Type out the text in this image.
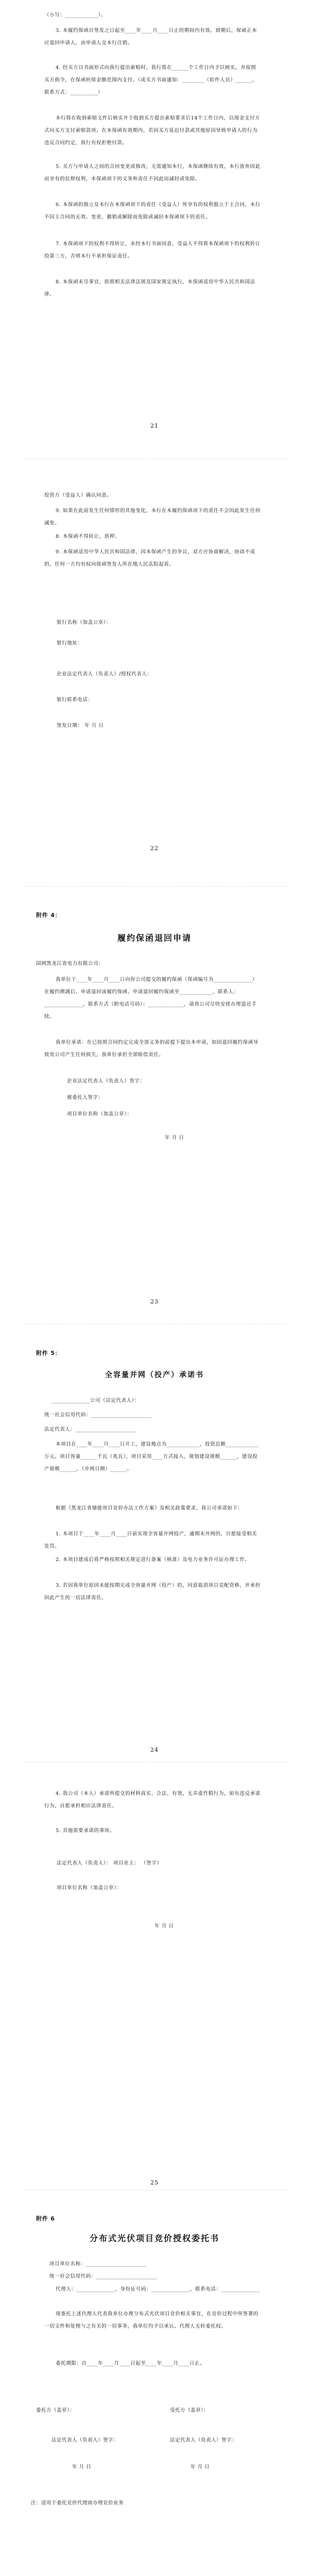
（小写：____________）。

3. 本履约保函自签发之日起至____年____月____日止的期间内有效。到期后，保函正本应退回申请人，由申请人交本行注销。

4. 经买方以书面形式向我行提出索赔时，我行将在______个工作日内予以核实，并按照买方指令，在保函担保金额范围内支付。（或买方书面通知：________（软件人员）______，联系方式：__________）

本行将在收到索赔文件后核实并于收到买方提出索赔要求后14个工作日内，以现金支付方式向买方支付索赔款项。在本保函有效期内，若因买方延迟付款或其他原因导致申请人的行为违反合同约定，我行有权拒绝付款。

5. 买方与申请人之间的合同变更或修改，无需通知本行，本保函继续有效，本行放弃因此而享有的抗辩权利，本保函项下的义务和责任不因此而减轻或免除。

6. 本保函的独立及本行在本保函项下的责任（受益人）所享有的权利独立于主合同，本行不因主合同的无效、变更、撤销或解除而免除或减轻本保函项下的责任。

7. 本保函项下的权利不得转让，未经本行书面同意，受益人不得将本保函项下的权利转让给第三方，否则本行不承担保证责任。

8. 本保函未尽事宜，依照相关法律法规及国家规定执行，本保函适用中华人民共和国法律。

21

投资方（受益人）确认同意。

9. 如果在此前发生任何情形的其他变化，本行在本履约保函项下的责任不会因此发生任何减免。

8. 本保函不得转让、质押。

9. 本保函适用中华人民共和国法律，因本保函产生的争议，双方应协商解决，协商不成的，任何一方均有权向保函签发人所在地人民法院起诉。

银行名称（加盖公章）：
银行地址：
企业法定代表人（负责人）/授权代表人：
银行联系电话：
签发日期： 年 月 日
22
附件 4：
履约保函退回申请
国网黑龙江省电力有限公司：

我单位于____年____月____日向你公司提交的履约保函（保函编号为______________）在履约期满后，申请退回该履约保函。申请退回履约保函至____________，联系人：______________，联系方式（附电话号码）：_____________，请贵公司尽快安排办理退还手续。

我单位承诺：在已按照合同约定完成全部义务的前提下提出本申请，如因退回履约保函导致贵公司产生任何损失，我单位承担全部赔偿责任。

企业法定代表人（负责人）签字：
被委托人签字：
项目单位名称（加盖公章）：
年 月 日
23
附件 5：
全容量并网（投产）承诺书
______________公司（法定代表人）：
统一社会信用代码：______________________
法定代表人：______________________

本项目在____年____月____日开工，建设地点为____________，投资总额____________万元，项目容量______千瓦（兆瓦），项目采用____方式接入，规划建设规模______，建设投产规模______，（并网日期）______。

根据《黑龙江省储能项目竞价办法工作方案》及相关政策要求，我公司承诺如下：

1. 本项目于____年____月____日前实现全容量并网投产，逾期未并网的，自愿接受相关处罚。

2. 本项目建成后将严格按照相关规定进行备案（核准）及电力业务许可证办理工作。

3. 若因我单位原因未能按期完成全容量并网（投产）的，同意取消项目竞配资格，并承担因此产生的一切法律责任。

24

4. 我公司（本人）承诺所提交的材料真实、合法、有效，无弄虚作假行为，如有违反承诺行为，自愿承担相应法律责任。

5. 其他需要承诺的事项。

法定代表人（负责人）： 项目业主： （签字）
项目单位名称（加盖公章）：
年 月 日
25
附件 6
分布式光伏项目竞价授权委托书
项目单位名称：______________________
统一社会信用代码：______________________

代理人：______________，身份证号码：______________，联系电话：______________

现委托上述代理人代表我单位办理分布式光伏项目竞价相关事宜，在竞价过程中所签署的一切文件和处理与之有关的一切事务，我单位均予以承认。代理人无转委托权。

委托期限：自____年____月____日起至____年____月____日止。

委托方（盖章）：	受托方（盖章）：
法定代表人（负责人）签字：	法定代表人（负责人）签字：
年 月 日	年 月 日
注：适用于委托竞价代理商办理竞价业务
